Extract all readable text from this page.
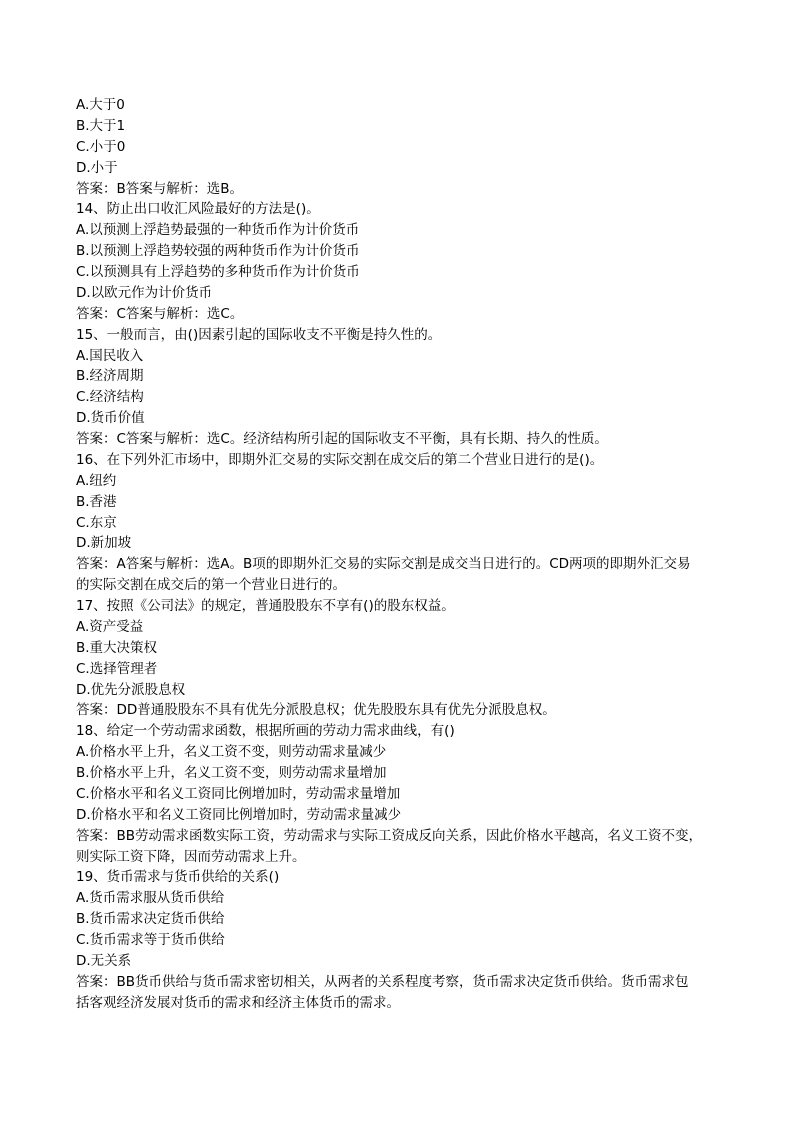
A.大于0
B.大于1
C.小于0
D.小于
答案：B答案与解析：选B。
14、防止出口收汇风险最好的方法是()。
A.以预测上浮趋势最强的一种货币作为计价货币
B.以预测上浮趋势较强的两种货币作为计价货币
C.以预测具有上浮趋势的多种货币作为计价货币
D.以欧元作为计价货币
答案：C答案与解析：选C。
15、一般而言，由()因素引起的国际收支不平衡是持久性的。
A.国民收入
B.经济周期
C.经济结构
D.货币价值
答案：C答案与解析：选C。经济结构所引起的国际收支不平衡，具有长期、持久的性质。
16、在下列外汇市场中，即期外汇交易的实际交割在成交后的第二个营业日进行的是()。
A.纽约
B.香港
C.东京
D.新加坡
答案：A答案与解析：选A。B项的即期外汇交易的实际交割是成交当日进行的。CD两项的即期外汇交易
的实际交割在成交后的第一个营业日进行的。
17、按照《公司法》的规定，普通股股东不享有()的股东权益。
A.资产受益
B.重大决策权
C.选择管理者
D.优先分派股息权
答案：DD普通股股东不具有优先分派股息权；优先股股东具有优先分派股息权。
18、给定一个劳动需求函数，根据所画的劳动力需求曲线，有()
A.价格水平上升，名义工资不变，则劳动需求量减少
B.价格水平上升，名义工资不变，则劳动需求量增加
C.价格水平和名义工资同比例增加时，劳动需求量增加
D.价格水平和名义工资同比例增加时，劳动需求量减少
答案：BB劳动需求函数实际工资，劳动需求与实际工资成反向关系，因此价格水平越高，名义工资不变，
则实际工资下降，因而劳动需求上升。
19、货币需求与货币供给的关系()
A.货币需求服从货币供给
B.货币需求决定货币供给
C.货币需求等于货币供给
D.无关系
答案：BB货币供给与货币需求密切相关，从两者的关系程度考察，货币需求决定货币供给。货币需求包
括客观经济发展对货币的需求和经济主体货币的需求。
